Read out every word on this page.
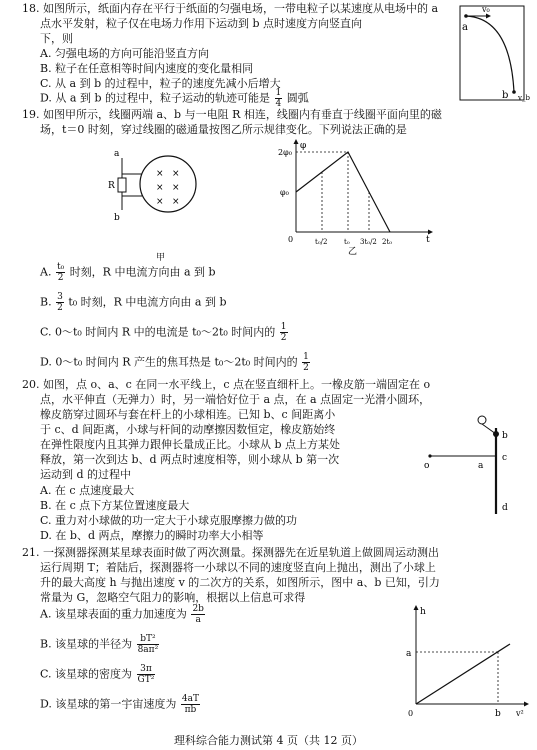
18. 如图所示，纸面内存在平行于纸面的匀强电场，一带电粒子以某速度从电场中的 a
点水平发射，粒子仅在电场力作用下运动到 b 点时速度方向竖直向
下，则
A. 匀强电场的方向可能沿竖直方向
B. 粒子在任意相等时间内速度的变化量相同
C. 从 a 到 b 的过程中，粒子的速度先减小后增大
D. 从 a 到 b 的过程中，粒子运动的轨迹可能是 $\frac{1}{4}$ 圆弧
a
v₀
b v_b
19. 如图甲所示，线圈两端 a、b 与一电阻 R 相连，线圈内有垂直于线圈平面向里的磁
场，t＝0 时刻，穿过线圈的磁通量按图乙所示规律变化。下列说法正确的是
a
b
R
× ×
× ×
× ×
甲
φ
2φ₀
φ₀
0	t
t₀/2 t₀ 3t₀/2 2t₀
乙
A. $\frac{\text{t₀}}{2}$ 时刻，R 中电流方向由 a 到 b
B. $\frac{3}{2} t_0$ 时刻，R 中电流方向由 a 到 b
C. 0～t₀ 时间内 R 中的电流是 t₀～2t₀ 时间内的 $\frac{1}{2}$
D. 0～t₀ 时间内 R 产生的焦耳热是 t₀～2t₀ 时间内的 $\frac{1}{2}$
20. 如图，点 o、a、c 在同一水平线上，c 点在竖直细杆上。一橡皮筋一端固定在 o
点，水平伸直（无弹力）时，另一端恰好位于 a 点，在 a 点固定一光滑小圆环，
橡皮筋穿过圆环与套在杆上的小球相连。已知 b、c 间距离小
于 c、d 间距离，小球与杆间的动摩擦因数恒定，橡皮筋始终
在弹性限度内且其弹力跟伸长量成正比。小球从 b 点上方某处
释放，第一次到达 b、d 两点时速度相等，则小球从 b 第一次
运动到 d 的过程中
A. 在 c 点速度最大
B. 在 c 点下方某位置速度最大
C. 重力对小球做的功一定大于小球克服摩擦力做的功
D. 在 b、d 两点，摩擦力的瞬时功率大小相等
o	a
b
c
d
21. 一探测器探测某星球表面时做了两次测量。探测器先在近星轨道上做圆周运动测出
运行周期 T；着陆后，探测器将一小球以不同的速度竖直向上抛出，测出了小球上
升的最大高度 h 与抛出速度 v 的二次方的关系，如图所示，图中 a、b 已知，引力
常量为 G，忽略空气阻力的影响，根据以上信息可求得
A. 该星球表面的重力加速度为 $\frac{2b}{a}$
B. 该星球的半径为 $\frac{\text{bT²}}{\text{8aπ²}}$
C. 该星球的密度为 $\frac{3\pi}{\text{GT²}}$
D. 该星球的第一宇宙速度为 $\frac{4aT}{\pi b}$
h
a
b
0	v²
理科综合能力测试第 4 页（共 12 页）
